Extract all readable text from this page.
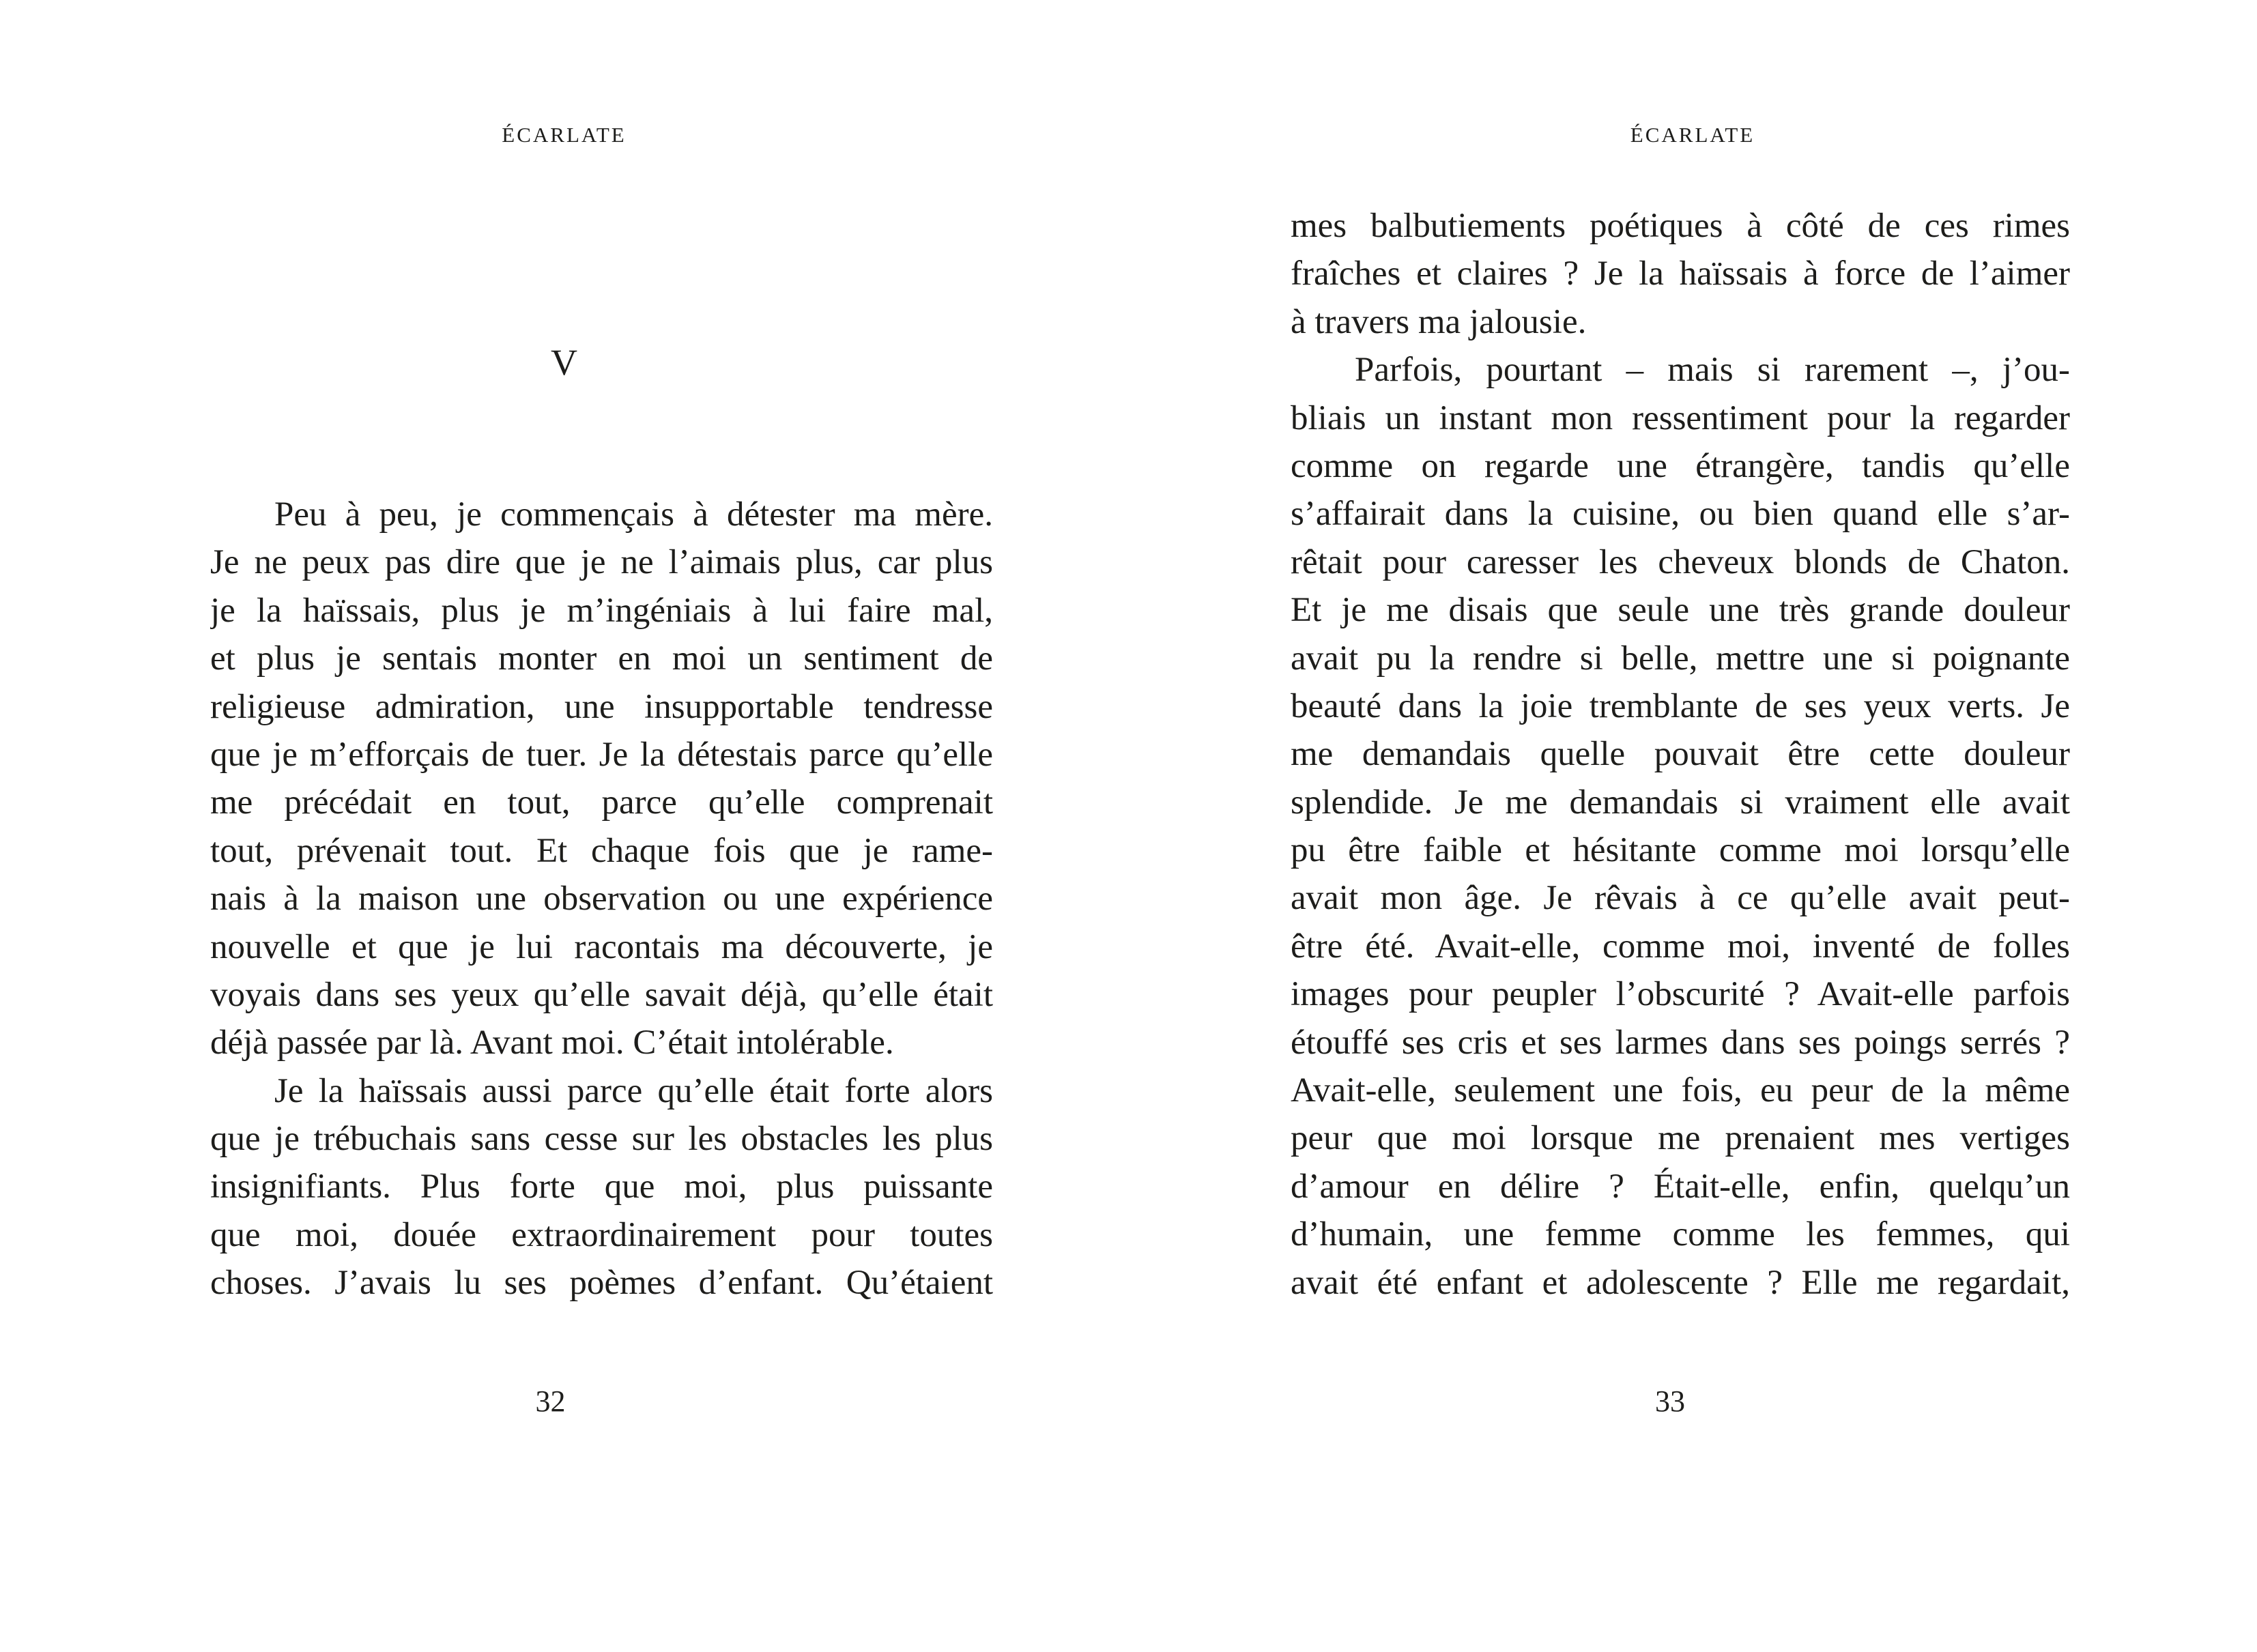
ÉCARLATE
V
Peu à peu, je commençais à détester ma mère.
Je ne peux pas dire que je ne l’aimais plus, car plus
je la haïssais, plus je m’ingéniais à lui faire mal,
et plus je sentais monter en moi un sentiment de
religieuse admiration, une insupportable tendresse
que je m’efforçais de tuer. Je la détestais parce qu’elle
me précédait en tout, parce qu’elle comprenait
tout, prévenait tout. Et chaque fois que je rame-
nais à la maison une observation ou une expérience
nouvelle et que je lui racontais ma découverte, je
voyais dans ses yeux qu’elle savait déjà, qu’elle était
déjà passée par là. Avant moi. C’était intolérable.
Je la haïssais aussi parce qu’elle était forte alors
que je trébuchais sans cesse sur les obstacles les plus
insignifiants. Plus forte que moi, plus puissante
que moi, douée extraordinairement pour toutes
choses. J’avais lu ses poèmes d’enfant. Qu’étaient
32
ÉCARLATE
mes balbutiements poétiques à côté de ces rimes
fraîches et claires ? Je la haïssais à force de l’aimer
à travers ma jalousie.
Parfois, pourtant – mais si rarement –, j’ou-
bliais un instant mon ressentiment pour la regarder
comme on regarde une étrangère, tandis qu’elle
s’affairait dans la cuisine, ou bien quand elle s’ar-
rêtait pour caresser les cheveux blonds de Chaton.
Et je me disais que seule une très grande douleur
avait pu la rendre si belle, mettre une si poignante
beauté dans la joie tremblante de ses yeux verts. Je
me demandais quelle pouvait être cette douleur
splendide. Je me demandais si vraiment elle avait
pu être faible et hésitante comme moi lorsqu’elle
avait mon âge. Je rêvais à ce qu’elle avait peut-
être été. Avait-elle, comme moi, inventé de folles
images pour peupler l’obscurité ? Avait-elle parfois
étouffé ses cris et ses larmes dans ses poings serrés ?
Avait-elle, seulement une fois, eu peur de la même
peur que moi lorsque me prenaient mes vertiges
d’amour en délire ? Était-elle, enfin, quelqu’un
d’humain, une femme comme les femmes, qui
avait été enfant et adolescente ? Elle me regardait,
33
